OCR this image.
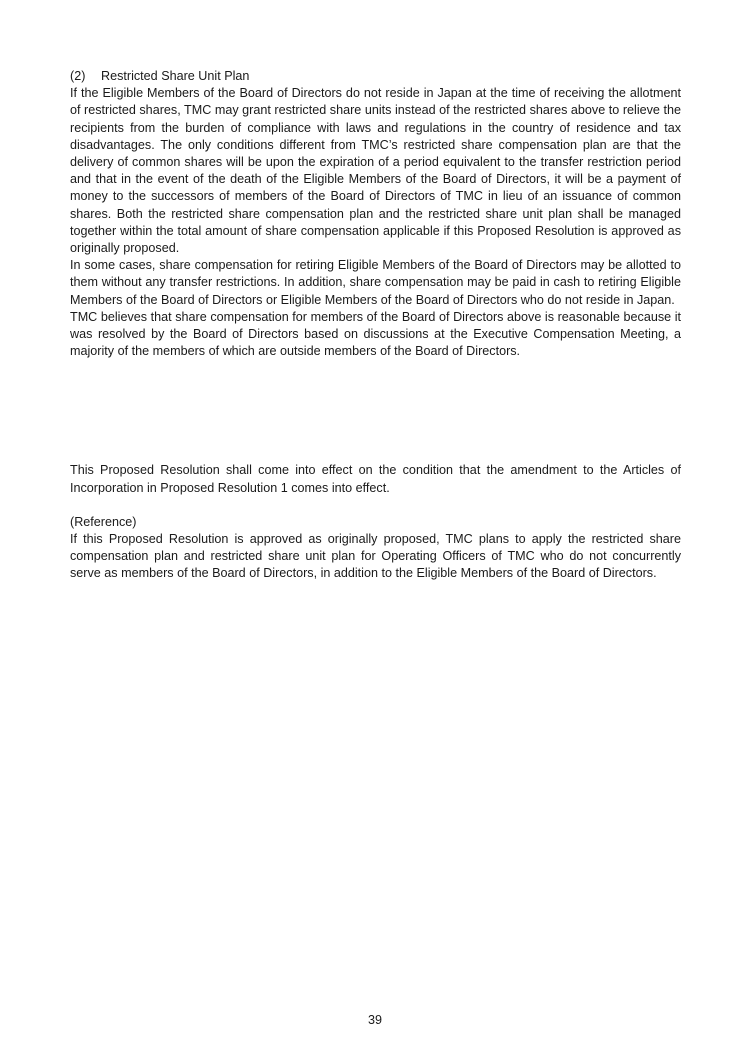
(2)	Restricted Share Unit Plan

If the Eligible Members of the Board of Directors do not reside in Japan at the time of receiving the allotment of restricted shares, TMC may grant restricted share units instead of the restricted shares above to relieve the recipients from the burden of compliance with laws and regulations in the country of residence and tax disadvantages. The only conditions different from TMC’s restricted share compensation plan are that the delivery of common shares will be upon the expiration of a period equivalent to the transfer restriction period and that in the event of the death of the Eligible Members of the Board of Directors, it will be a payment of money to the successors of members of the Board of Directors of TMC in lieu of an issuance of common shares. Both the restricted share compensation plan and the restricted share unit plan shall be managed together within the total amount of share compensation applicable if this Proposed Resolution is approved as originally proposed.

In some cases, share compensation for retiring Eligible Members of the Board of Directors may be allotted to them without any transfer restrictions. In addition, share compensation may be paid in cash to retiring Eligible Members of the Board of Directors or Eligible Members of the Board of Directors who do not reside in Japan.

TMC believes that share compensation for members of the Board of Directors above is reasonable because it was resolved by the Board of Directors based on discussions at the Executive Compensation Meeting, a majority of the members of which are outside members of the Board of Directors.

This Proposed Resolution shall come into effect on the condition that the amendment to the Articles of Incorporation in Proposed Resolution 1 comes into effect.

(Reference)

If this Proposed Resolution is approved as originally proposed, TMC plans to apply the restricted share compensation plan and restricted share unit plan for Operating Officers of TMC who do not concurrently serve as members of the Board of Directors, in addition to the Eligible Members of the Board of Directors.

39
